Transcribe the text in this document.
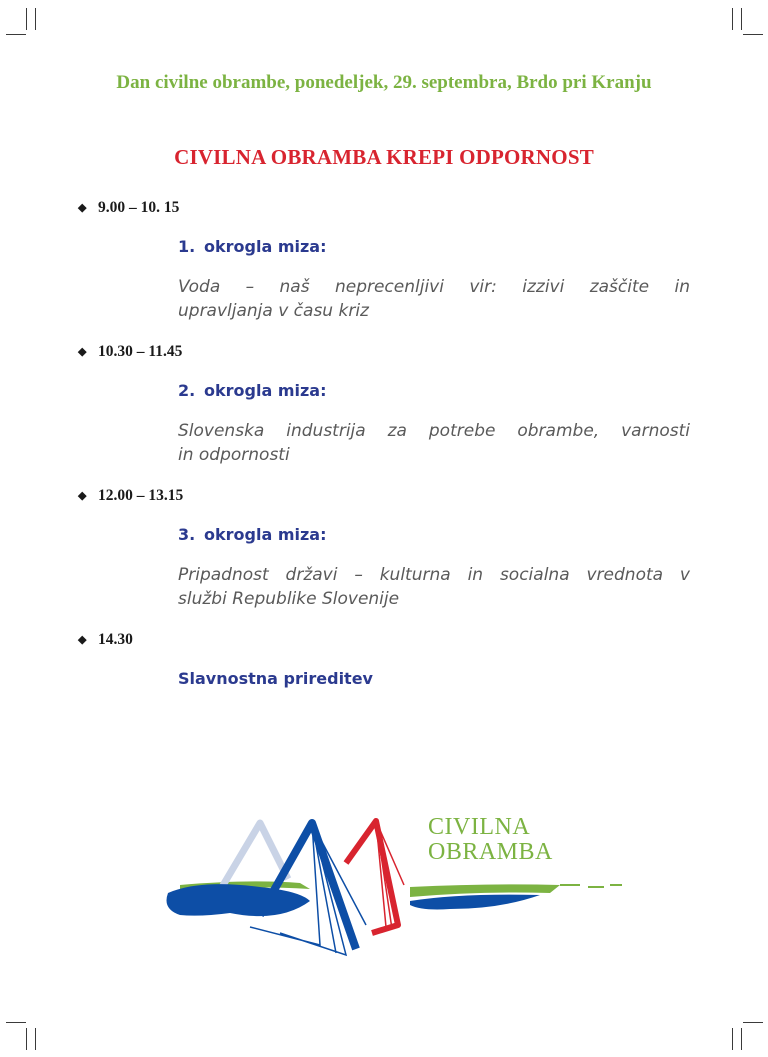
Dan civilne obrambe, ponedeljek, 29. septembra, Brdo pri Kranju
CIVILNA OBRAMBA KREPI ODPORNOST
◆ 9.00 – 10. 15
1. okrogla miza:
Voda – naš neprecenljivi vir: izzivi zaščite in
upravljanja v času kriz
◆ 10.30 – 11.45
2. okrogla miza:
Slovenska industrija za potrebe obrambe, varnosti
in odpornosti
◆ 12.00 – 13.15
3. okrogla miza:
Pripadnost državi – kulturna in socialna vrednota v
službi Republike Slovenije
◆ 14.30
Slavnostna prireditev
CIVILNA
OBRAMBA
